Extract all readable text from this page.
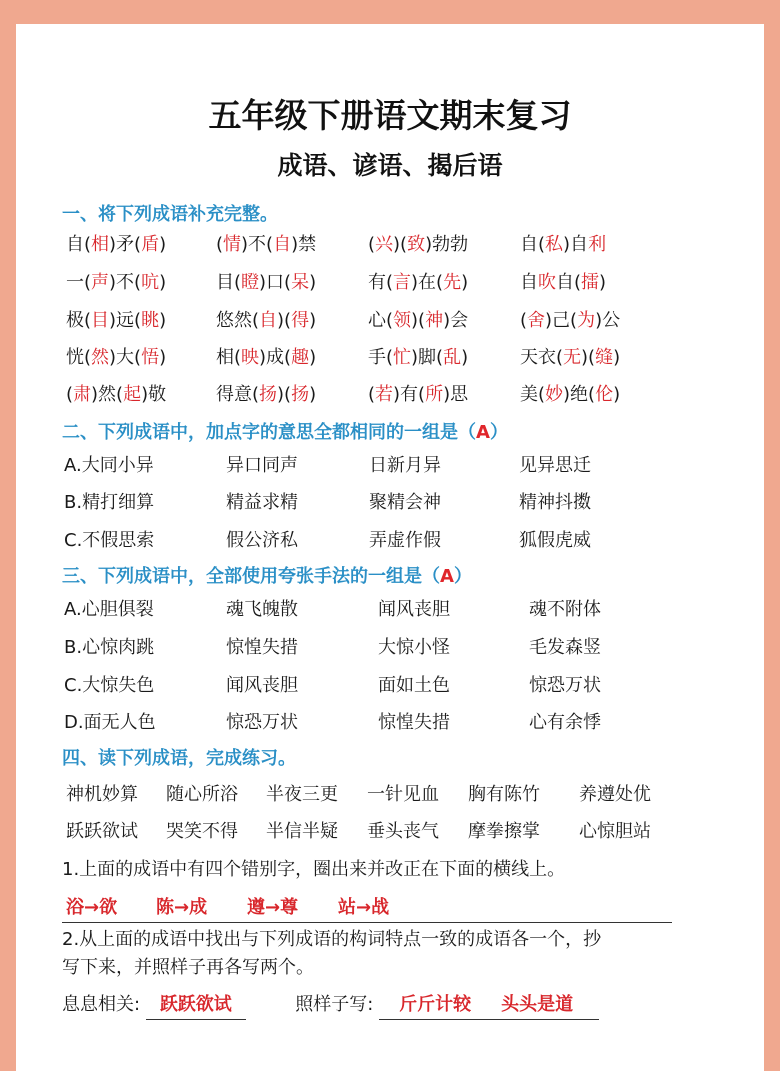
五年级下册语文期末复习
成语、谚语、揭后语
一、将下列成语补充完整。
自(相)矛(盾)	(情)不(自)禁	(兴)(致)勃勃	自(私)自利
一(声)不(吭)	目(瞪)口(呆)	有(言)在(先)	自吹自(擂)
极(目)远(眺)	悠然(自)(得)	心(领)(神)会	(舍)己(为)公
恍(然)大(悟)	相(映)成(趣)	手(忙)脚(乱)	天衣(无)(缝)
(肃)然(起)敬	得意(扬)(扬)	(若)有(所)思	美(妙)绝(伦)
二、下列成语中，加点字的意思全都相同的一组是（A）
A.大同小异	异口同声	日新月异	见异思迁
B.精打细算	精益求精	聚精会神	精神抖擞
C.不假思索	假公济私	弄虚作假	狐假虎威
三、下列成语中，全部使用夸张手法的一组是（A）
A.心胆俱裂	魂飞魄散	闻风丧胆	魂不附体
B.心惊肉跳	惊惶失措	大惊小怪	毛发森竖
C.大惊失色	闻风丧胆	面如土色	惊恐万状
D.面无人色	惊恐万状	惊惶失措	心有余悸
四、读下列成语，完成练习。
神机妙算 随心所浴 半夜三更 一针见血 胸有陈竹 养遵处优
跃跃欲试 哭笑不得 半信半疑 垂头丧气 摩拳擦掌 心惊胆站
1.上面的成语中有四个错别字，圈出来并改正在下面的横线上。
浴→欲 陈→成 遵→尊 站→战
2.从上面的成语中找出与下列成语的构词特点一致的成语各一个，抄
写下来，并照样子再各写两个。
息息相关: 跃跃欲试	照样子写: 斤斤计较 头头是道
